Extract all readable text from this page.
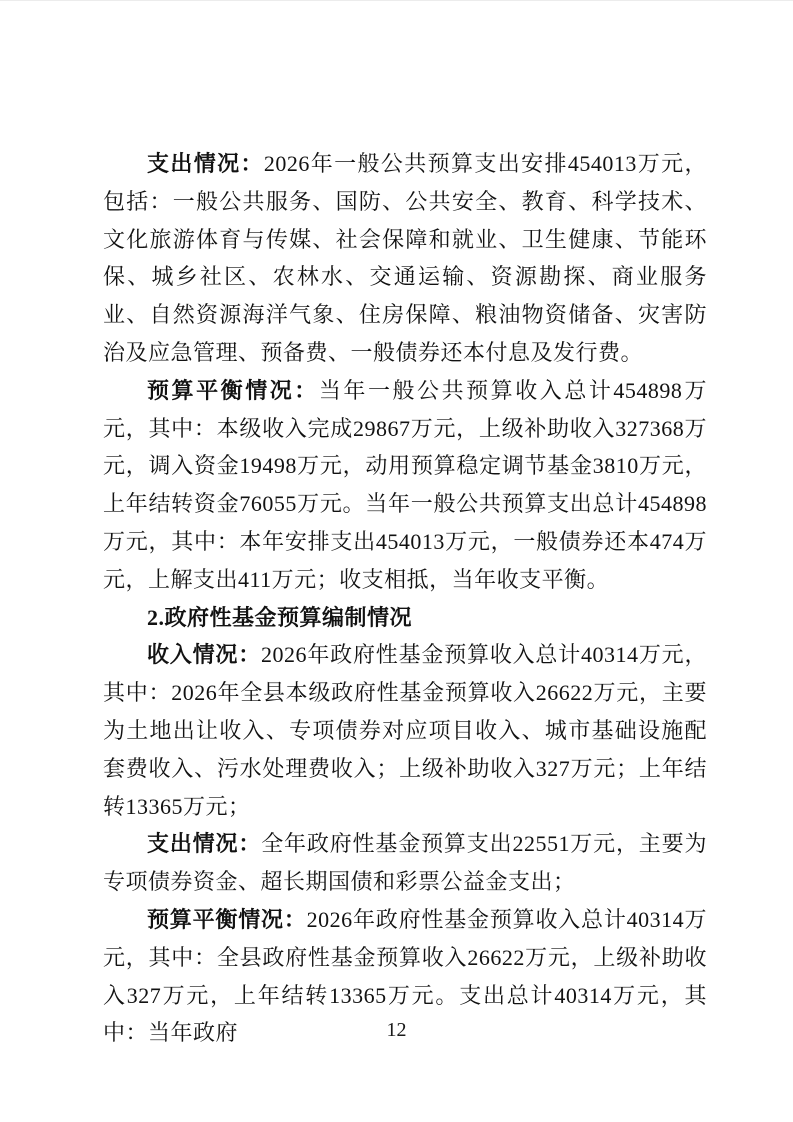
支出情况：2026年一般公共预算支出安排454013万元，包括：一般公共服务、国防、公共安全、教育、科学技术、文化旅游体育与传媒、社会保障和就业、卫生健康、节能环保、城乡社区、农林水、交通运输、资源勘探、商业服务业、自然资源海洋气象、住房保障、粮油物资储备、灾害防治及应急管理、预备费、一般债券还本付息及发行费。

预算平衡情况：当年一般公共预算收入总计454898万元，其中：本级收入完成29867万元，上级补助收入327368万元，调入资金19498万元，动用预算稳定调节基金3810万元，上年结转资金76055万元。当年一般公共预算支出总计454898万元，其中：本年安排支出454013万元，一般债券还本474万元，上解支出411万元；收支相抵，当年收支平衡。

2.政府性基金预算编制情况

收入情况：2026年政府性基金预算收入总计40314万元，其中：2026年全县本级政府性基金预算收入26622万元，主要为土地出让收入、专项债券对应项目收入、城市基础设施配套费收入、污水处理费收入；上级补助收入327万元；上年结转13365万元；

支出情况：全年政府性基金预算支出22551万元，主要为专项债券资金、超长期国债和彩票公益金支出；

预算平衡情况：2026年政府性基金预算收入总计40314万元，其中：全县政府性基金预算收入26622万元，上级补助收入327万元，上年结转13365万元。支出总计40314万元，其中：当年政府	12
